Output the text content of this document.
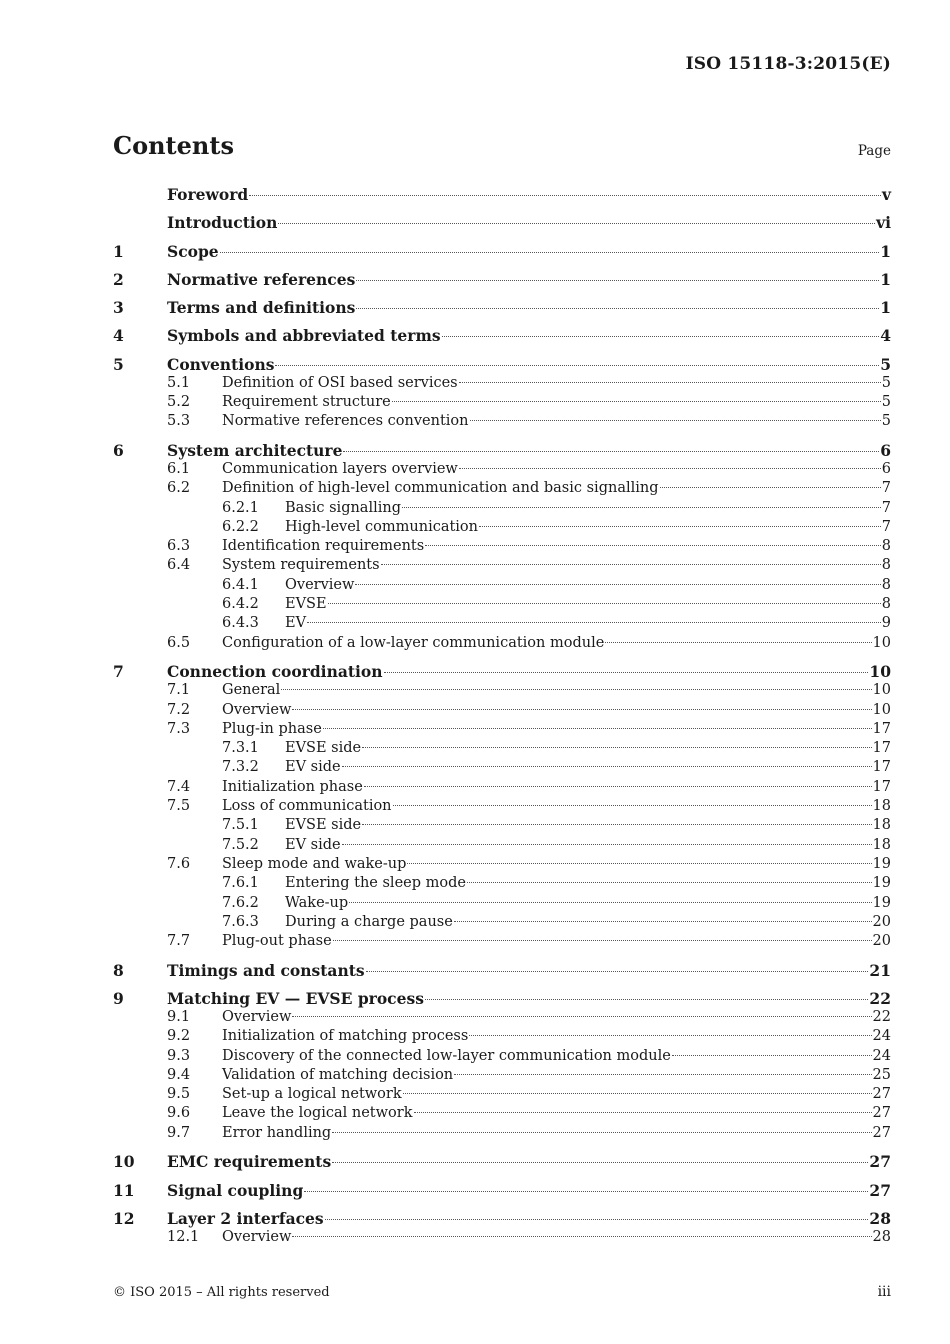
ISO 15118-3:2015(E)
Contents	Page
Foreword	v
Introduction	vi
1	Scope	1
2	Normative references	1
3	Terms and definitions	1
4	Symbols and abbreviated terms	4
5	Conventions	5
5.1	Definition of OSI based services	5
5.2	Requirement structure	5
5.3	Normative references convention	5
6	System architecture	6
6.1	Communication layers overview	6
6.2	Definition of high-level communication and basic signalling	7
6.2.1	Basic signalling	7
6.2.2	High-level communication	7
6.3	Identification requirements	8
6.4	System requirements	8
6.4.1	Overview	8
6.4.2	EVSE	8
6.4.3	EV	9
6.5	Configuration of a low-layer communication module	10
7	Connection coordination	10
7.1	General	10
7.2	Overview	10
7.3	Plug-in phase	17
7.3.1	EVSE side	17
7.3.2	EV side	17
7.4	Initialization phase	17
7.5	Loss of communication	18
7.5.1	EVSE side	18
7.5.2	EV side	18
7.6	Sleep mode and wake-up	19
7.6.1	Entering the sleep mode	19
7.6.2	Wake-up	19
7.6.3	During a charge pause	20
7.7	Plug-out phase	20
8	Timings and constants	21
9	Matching EV — EVSE process	22
9.1	Overview	22
9.2	Initialization of matching process	24
9.3	Discovery of the connected low-layer communication module	24
9.4	Validation of matching decision	25
9.5	Set-up a logical network	27
9.6	Leave the logical network	27
9.7	Error handling	27
10	EMC requirements	27
11	Signal coupling	27
12	Layer 2 interfaces	28
12.1	Overview	28
© ISO 2015 – All rights reserved	iii
